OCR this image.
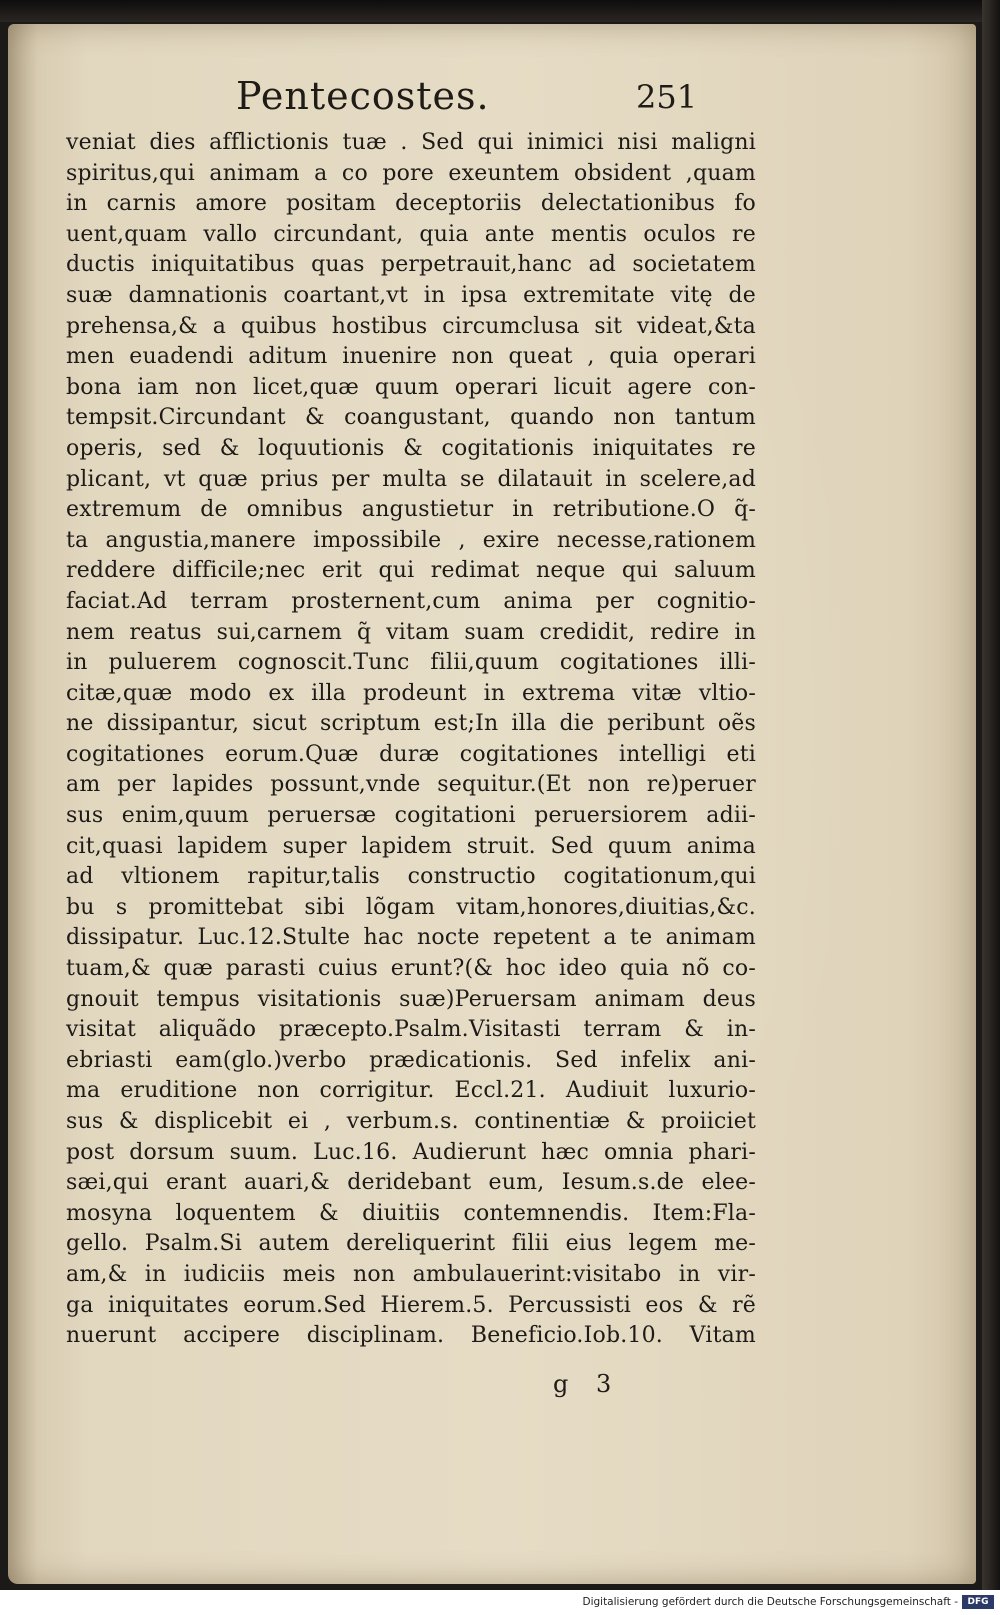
Pentecostes.	251
veniat dies afflictionis tuæ . Sed qui inimici nisi maligni
spiritus,qui animam a co pore exeuntem obsident ,quam
in carnis amore positam deceptoriis delectationibus fo
uent,quam vallo circundant, quia ante mentis oculos re
ductis iniquitatibus quas perpetrauit,hanc ad societatem
suæ damnationis coartant,vt in ipsa extremitate vitę de
prehensa,& a quibus hostibus circumclusa sit videat,&ta
men euadendi aditum inuenire non queat , quia operari
bona iam non licet,quæ quum operari licuit agere con-
tempsit.Circundant & coangustant, quando non tantum
operis, sed & loquutionis & cogitationis iniquitates re
plicant, vt quæ prius per multa se dilatauit in scelere,ad
extremum de omnibus angustietur in retributione.O q̃-
ta angustia,manere impossibile , exire necesse,rationem
reddere difficile;nec erit qui redimat neque qui saluum
faciat.Ad terram prosternent,cum anima per cognitio-
nem reatus sui,carnem q̃ vitam suam credidit, redire in
in puluerem cognoscit.Tunc filii,quum cogitationes illi-
citæ,quæ modo ex illa prodeunt in extrema vitæ vltio-
ne dissipantur, sicut scriptum est;In illa die peribunt oẽs
cogitationes eorum.Quæ duræ cogitationes intelligi eti
am per lapides possunt,vnde sequitur.(Et non re)peruer
sus enim,quum peruersæ cogitationi peruersiorem adii-
cit,quasi lapidem super lapidem struit. Sed quum anima
ad vltionem rapitur,talis constructio cogitationum,qui
bu s promittebat sibi lõgam vitam,honores,diuitias,&c.
dissipatur. Luc.12.Stulte hac nocte repetent a te animam
tuam,& quæ parasti cuius erunt?(& hoc ideo quia nõ co-
gnouit tempus visitationis suæ)Peruersam animam deus
visitat aliquãdo præcepto.Psalm.Visitasti terram & in-
ebriasti eam(glo.)verbo prædicationis. Sed infelix ani-
ma eruditione non corrigitur. Eccl.21. Audiuit luxurio-
sus & displicebit ei , verbum.s. continentiæ & proiiciet
post dorsum suum. Luc.16. Audierunt hæc omnia phari-
sæi,qui erant auari,& deridebant eum, Iesum.s.de elee-
mosyna loquentem & diuitiis contemnendis. Item:Fla-
gello. Psalm.Si autem dereliquerint filii eius legem me-
am,& in iudiciis meis non ambulauerint:visitabo in vir-
ga iniquitates eorum.Sed Hierem.5. Percussisti eos & rẽ
nuerunt accipere disciplinam. Beneficio.Iob.10. Vitam
g 3
Digitalisierung gefördert durch die Deutsche Forschungsgemeinschaft -	DFG
